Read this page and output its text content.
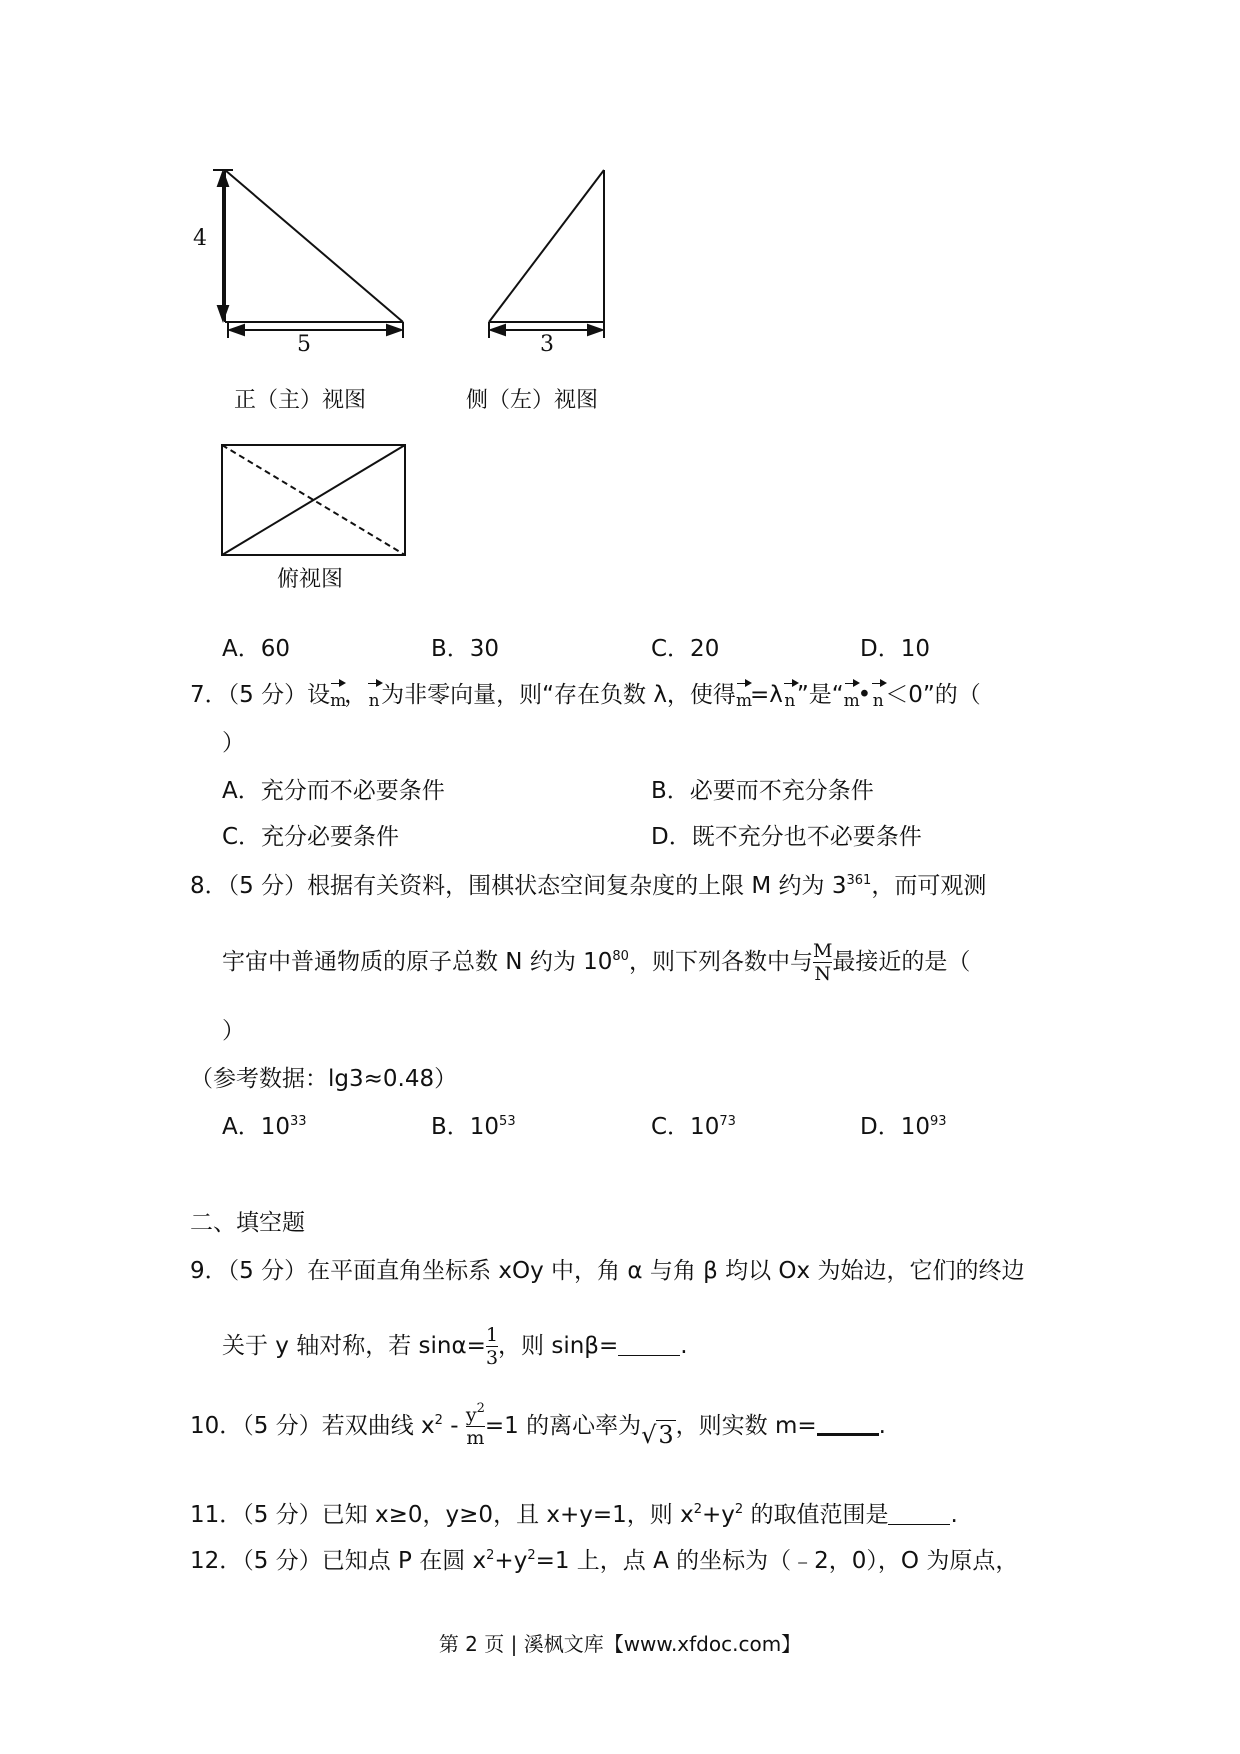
4
5
正（主）视图
3
侧（左）视图
俯视图
A．60	B．30	C．20	D．10
7．（5 分）设m，n为非零向量，则“存在负数 λ，使得m=λn”是“m•n＜0”的（
）
A．充分而不必要条件	B．必要而不充分条件
C．充分必要条件	D．既不充分也不必要条件
8．（5 分）根据有关资料，围棋状态空间复杂度的上限 M 约为 $3^{361}$，而可观测
宇宙中普通物质的原子总数 N 约为 $10^{80}$，则下列各数中与 $\frac{M}{N}$ 最接近的是（
）
（参考数据：lg3≈0.48）
A．$10^{33}$	B．$10^{53}$	C．$10^{73}$	D．$10^{93}$
二、填空题
9．（5 分）在平面直角坐标系 xOy 中，角 α 与角 β 均以 Ox 为始边，它们的终边
关于 y 轴对称，若 $\sin\alpha= \frac{1}{3}$ ，则 sinβ=	.
10．（5 分）若双曲线 $x^2 - \frac{y^2}{m} =1$ 的离心率为√3，则实数 m=	.
11．（5 分）已知 x≥0，y≥0，且 x+y=1，则 $x^2+y^2$ 的取值范围是	.
12．（5 分）已知点 P 在圆 $x^2+y^2=1$ 上，点 A 的坐标为（﹣2，0），O 为原点，
第 2 页 | 溪枫文库【www.xfdoc.com】
